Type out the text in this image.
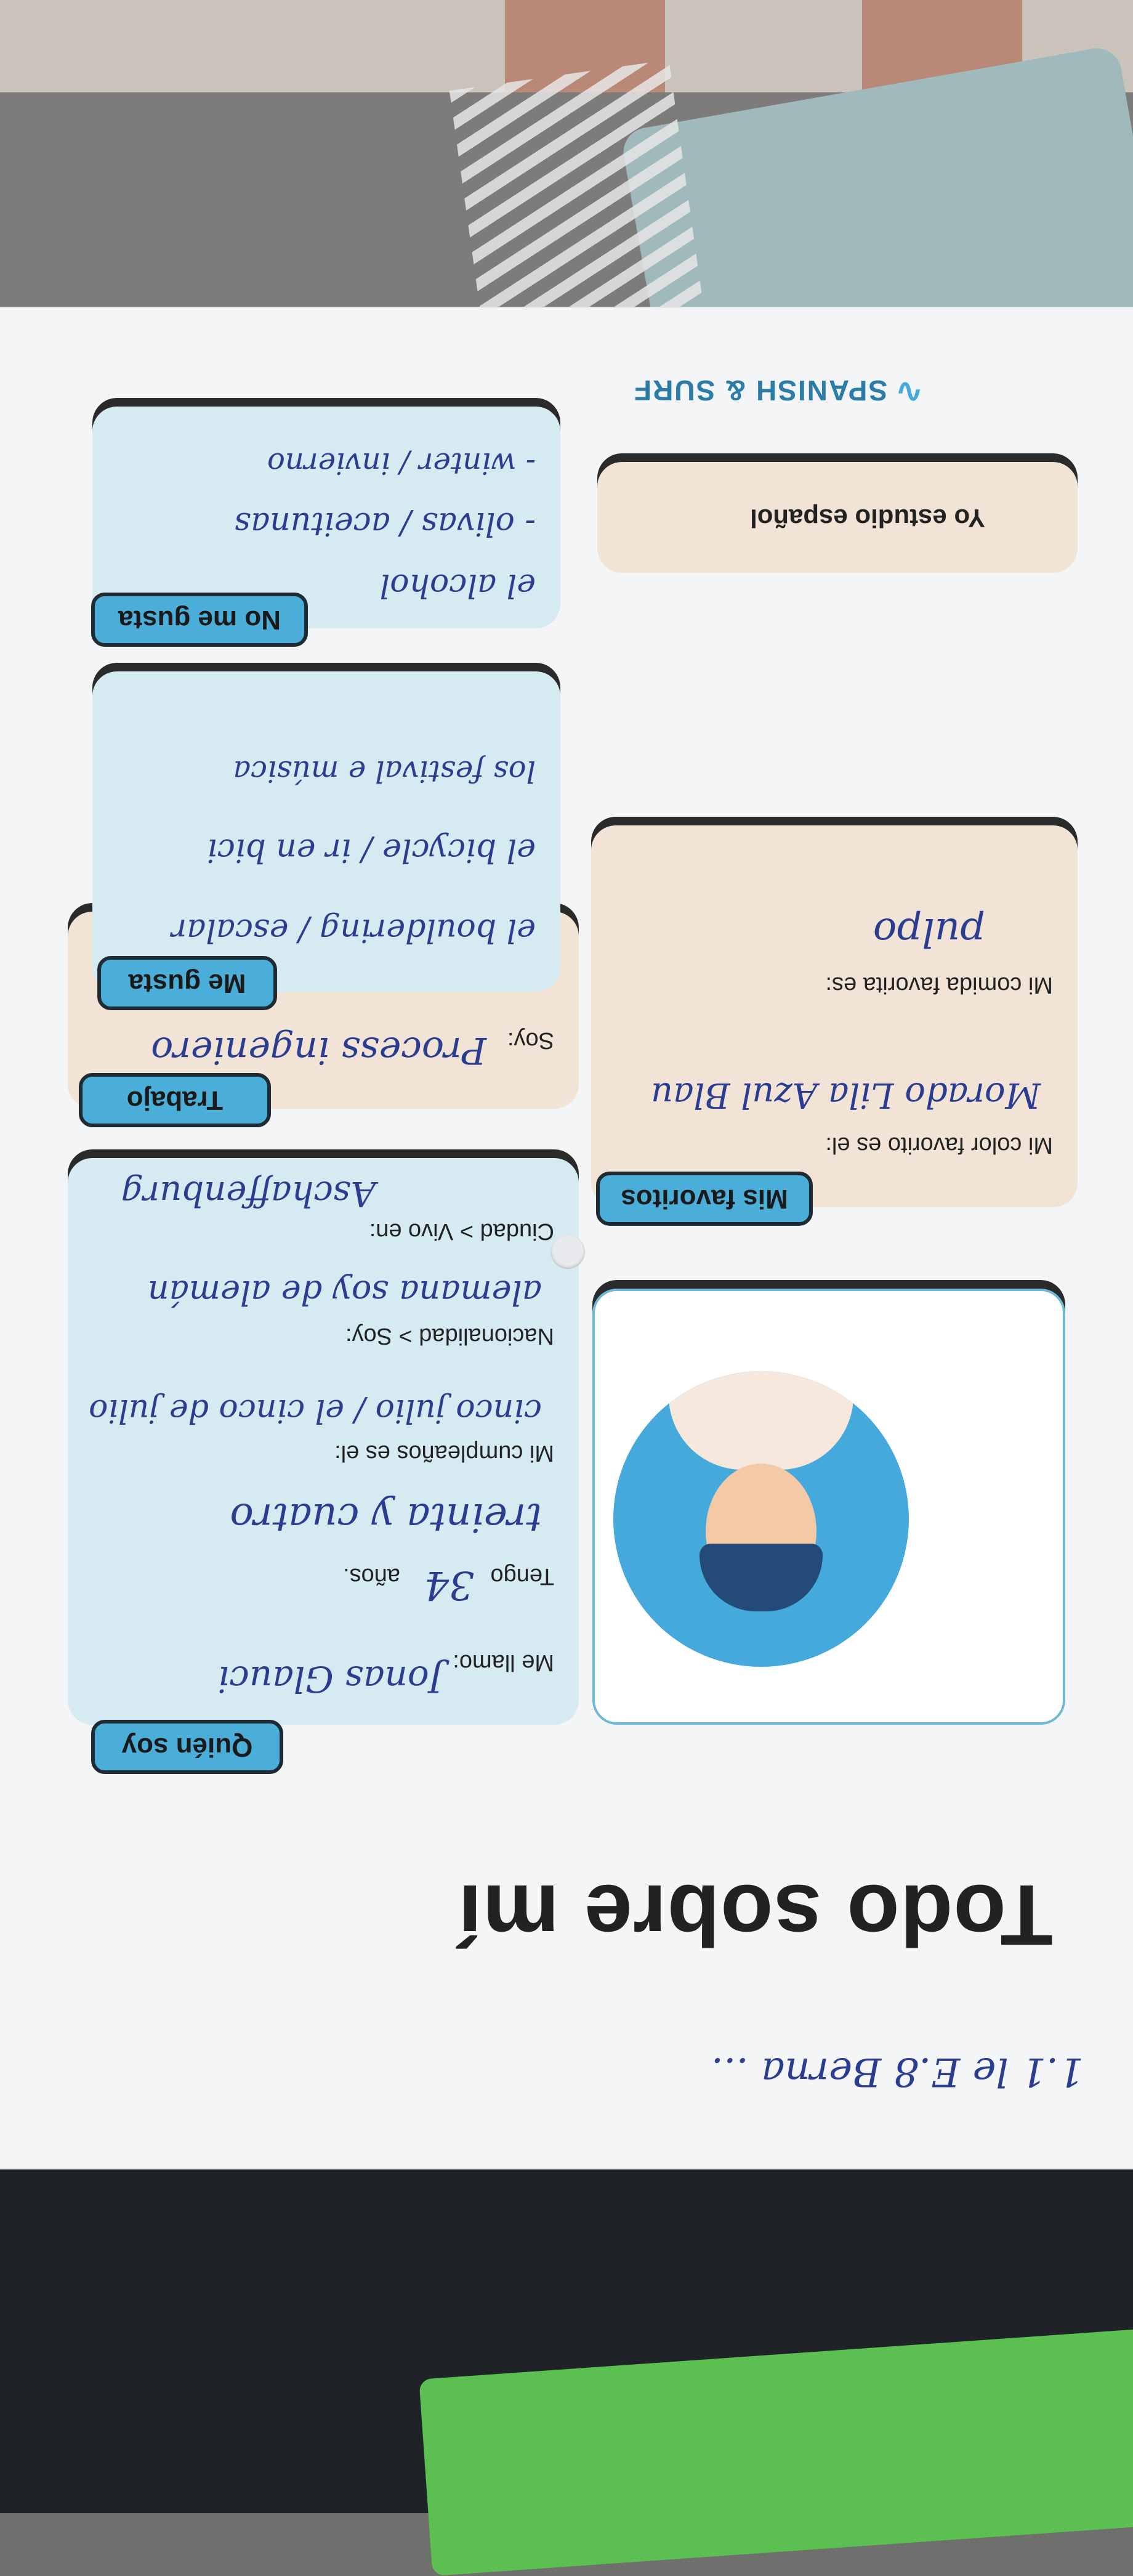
1.1 le E.8 Berna ...
Todo sobre mí
Me llamo:
Jonas Glauci
Tengo
34
años.
treinta y cuatro
Mi cumpleaños es el:
cinco julio / el cinco de julio
Nacionalidad > Soy:
alemana soy de alemán
Ciudad > Vivo en:
Aschaffenburg
Quién soy
Soy:
Process ingeniero
Trabajo
Mi color favorito es el:
Morado Lila Azul Blau
Mi comida favorita es:
pulpo
Mis favoritos
el bouldering / escalar
el bicycle / ir en bici
los festival e música
Me gusta
el alcohol
- olivas / aceitunas
- winter / invierno
No me gusta
Yo estudio español
∿SPANISH & SURF
